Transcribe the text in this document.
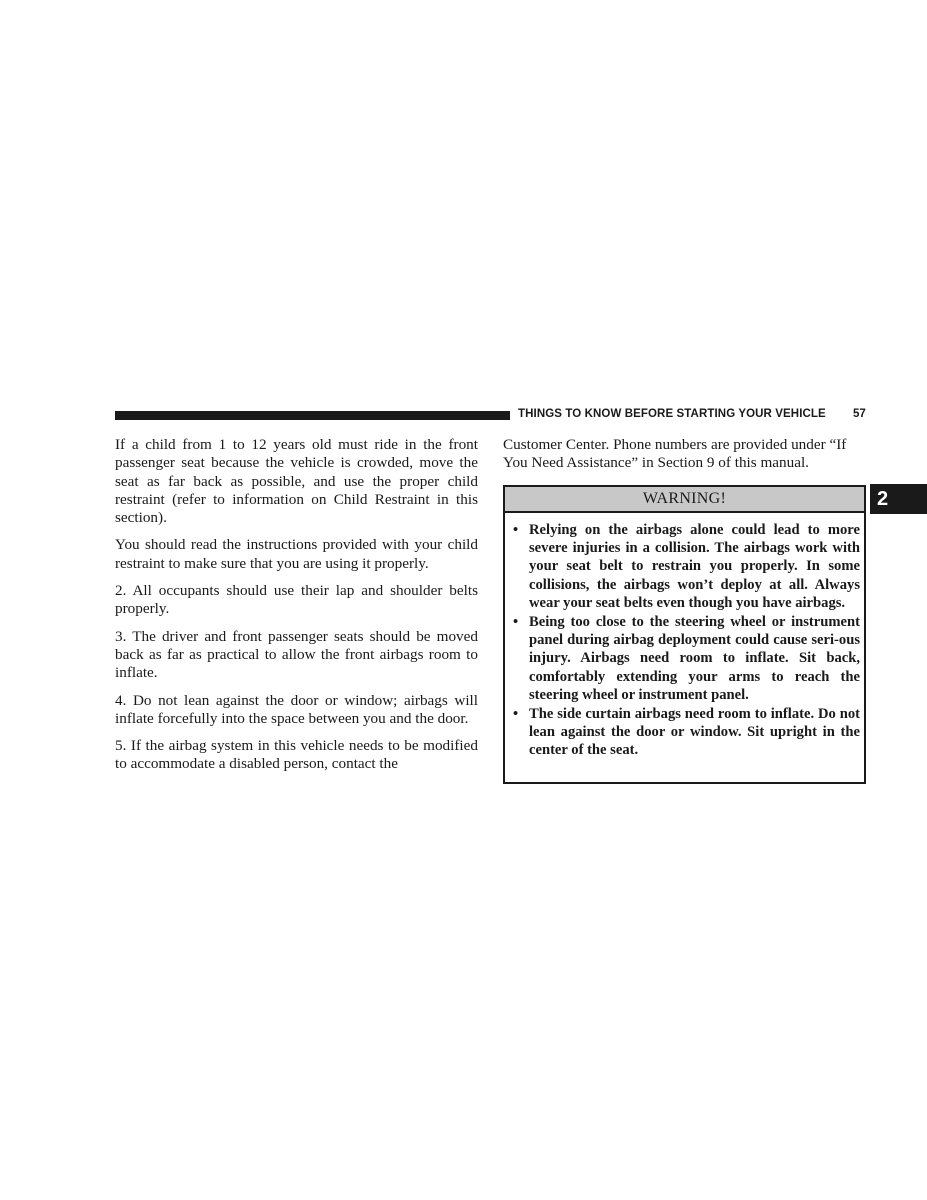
THINGS TO KNOW BEFORE STARTING YOUR VEHICLE 57
2

If a child from 1 to 12 years old must ride in the front passenger seat because the vehicle is crowded, move the seat as far back as possible, and use the proper child restraint (refer to information on Child Restraint in this section).

You should read the instructions provided with your child restraint to make sure that you are using it properly.

2. All occupants should use their lap and shoulder belts properly.

3. The driver and front passenger seats should be moved back as far as practical to allow the front airbags room to inflate.

4. Do not lean against the door or window; airbags will inflate forcefully into the space between you and the door.

5. If the airbag system in this vehicle needs to be modified to accommodate a disabled person, contact the

Customer Center. Phone numbers are provided under “If You Need Assistance” in Section 9 of this manual.

WARNING!
• Relying on the airbags alone could lead to more severe injuries in a collision. The airbags work with your seat belt to restrain you properly. In some collisions, the airbags won’t deploy at all. Always wear your seat belts even though you have airbags.
• Being too close to the steering wheel or instrument panel during airbag deployment could cause seri-ous injury. Airbags need room to inflate. Sit back, comfortably extending your arms to reach the steering wheel or instrument panel.
• The side curtain airbags need room to inflate. Do not lean against the door or window. Sit upright in the center of the seat.
